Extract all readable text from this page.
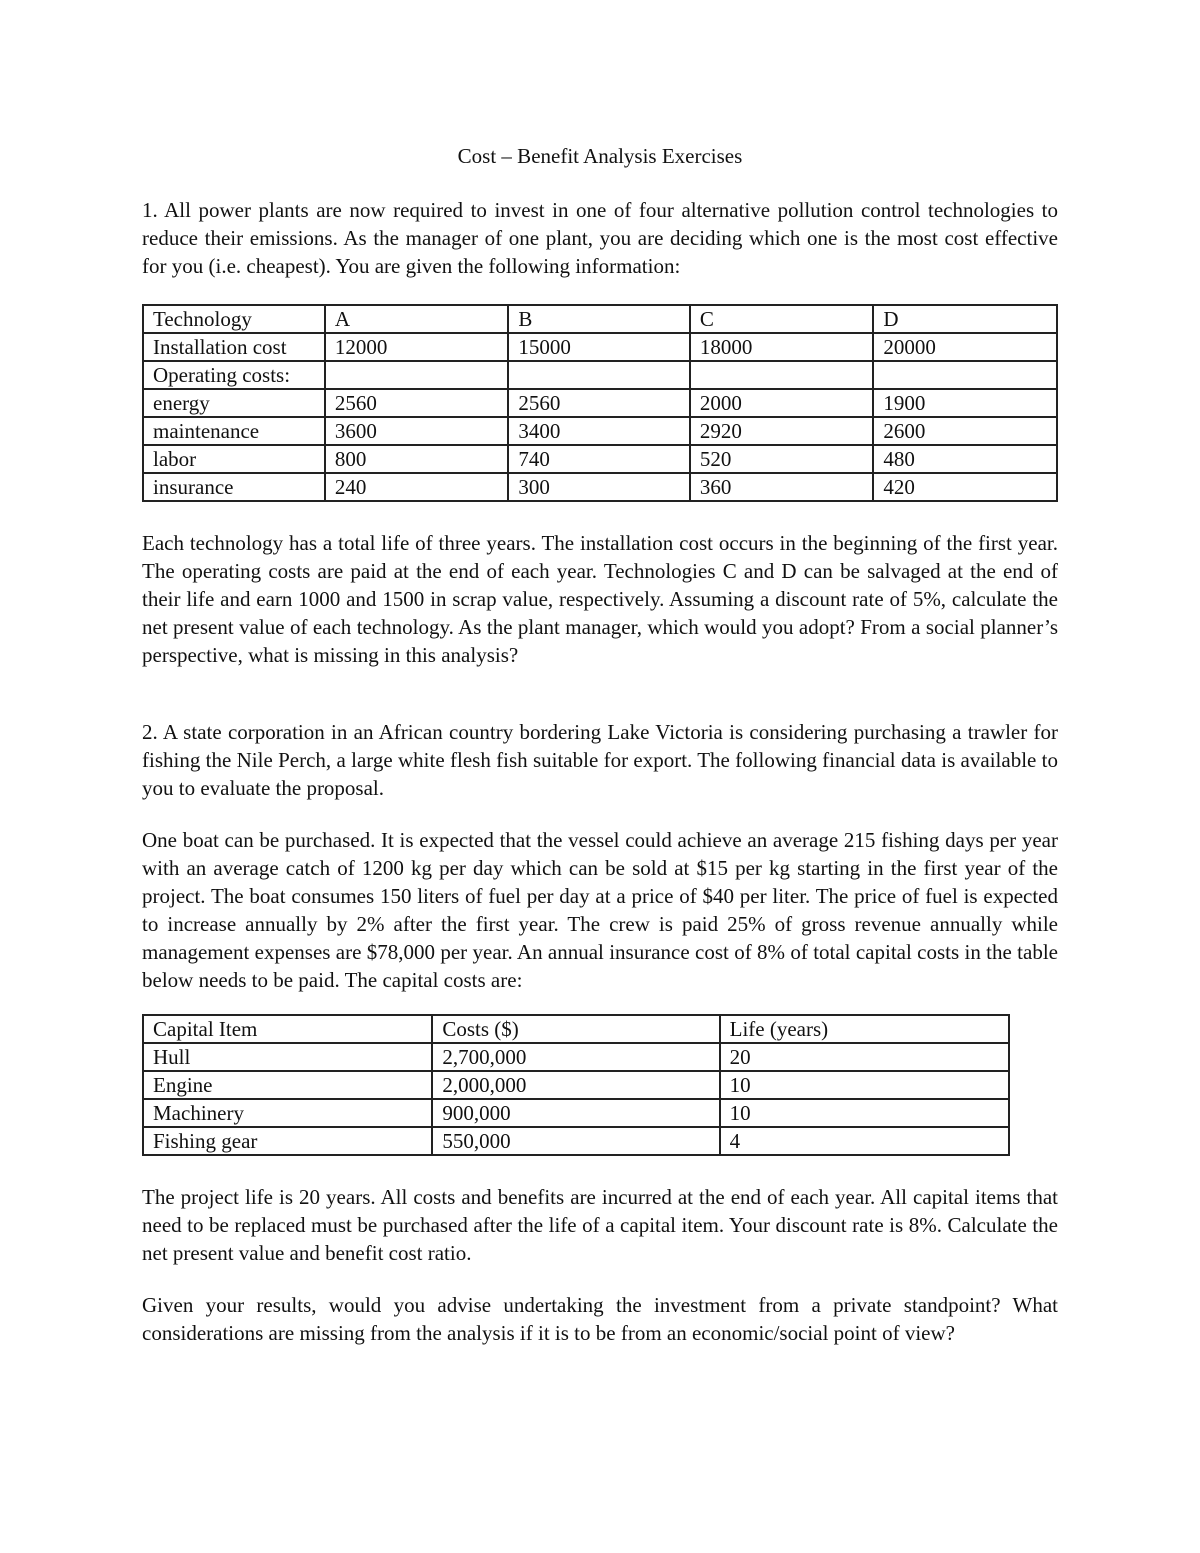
Cost – Benefit Analysis Exercises

1. All power plants are now required to invest in one of four alternative pollution control technologies to reduce their emissions. As the manager of one plant, you are deciding which one is the most cost effective for you (i.e. cheapest). You are given the following information:

Technology	A	B	C	D
Installation cost	12000	15000	18000	20000
Operating costs:				
energy	2560	2560	2000	1900
maintenance	3600	3400	2920	2600
labor	800	740	520	480
insurance	240	300	360	420

Each technology has a total life of three years. The installation cost occurs in the beginning of the first year. The operating costs are paid at the end of each year. Technologies C and D can be salvaged at the end of their life and earn 1000 and 1500 in scrap value, respectively. Assuming a discount rate of 5%, calculate the net present value of each technology. As the plant manager, which would you adopt? From a social planner’s perspective, what is missing in this analysis?

2. A state corporation in an African country bordering Lake Victoria is considering purchasing a trawler for fishing the Nile Perch, a large white flesh fish suitable for export. The following financial data is available to you to evaluate the proposal.

One boat can be purchased. It is expected that the vessel could achieve an average 215 fishing days per year with an average catch of 1200 kg per day which can be sold at $15 per kg starting in the first year of the project. The boat consumes 150 liters of fuel per day at a price of $40 per liter. The price of fuel is expected to increase annually by 2% after the first year. The crew is paid 25% of gross revenue annually while management expenses are $78,000 per year. An annual insurance cost of 8% of total capital costs in the table below needs to be paid. The capital costs are:

Capital Item	Costs ($)	Life (years)
Hull	2,700,000	20
Engine	2,000,000	10
Machinery	900,000	10
Fishing gear	550,000	4

The project life is 20 years. All costs and benefits are incurred at the end of each year. All capital items that need to be replaced must be purchased after the life of a capital item. Your discount rate is 8%. Calculate the net present value and benefit cost ratio.

Given your results, would you advise undertaking the investment from a private standpoint? What considerations are missing from the analysis if it is to be from an economic/social point of view?
